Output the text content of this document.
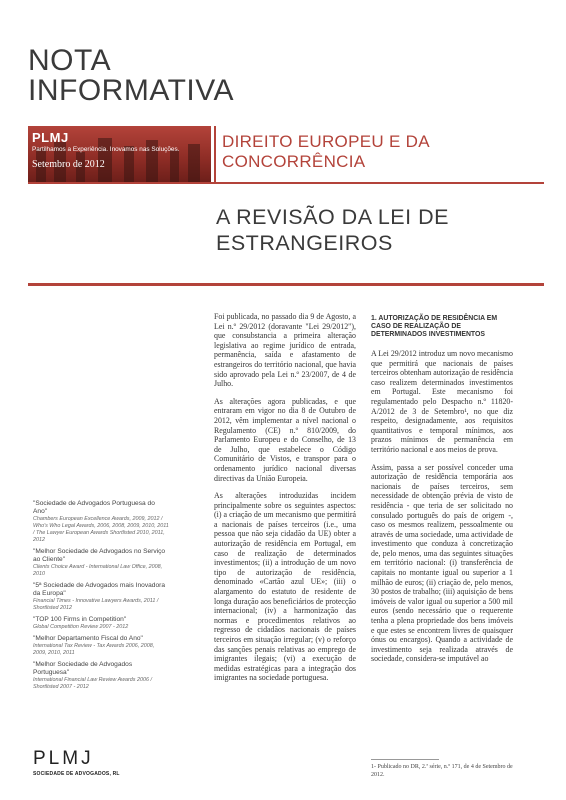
NOTA
INFORMATIVA
PLMJ
Partilhamos a Experiência. Inovamos nas Soluções.
Setembro de 2012
DIREITO EUROPEU E DA
CONCORRÊNCIA
A REVISÃO DA LEI DE
ESTRANGEIROS
"Sociedade de Advogados Portuguesa do Ano"
Chambers European Excellence Awards, 2009, 2012 / Who's Who Legal Awards, 2006, 2008, 2009, 2010, 2011 / The Lawyer European Awards Shortlisted 2010, 2011, 2012
"Melhor Sociedade de Advogados no Serviço ao Cliente"
Clients Choice Award - International Law Office, 2008, 2010
"5ª Sociedade de Advogados mais Inovadora da Europa"
Financial Times - Innovative Lawyers Awards, 2011 / Shortlisted 2012
"TOP 100 Firms in Competition"
Global Competition Review 2007 - 2012
"Melhor Departamento Fiscal do Ano"
International Tax Review - Tax Awards 2006, 2008, 2009, 2010, 2011
"Melhor Sociedade de Advogados Portuguesa"
International Financial Law Review Awards 2006 / Shortlisted 2007 - 2012
PLMJ
SOCIEDADE DE ADVOGADOS, RL

Foi publicada, no passado dia 9 de Agosto, a Lei n.º 29/2012 (doravante "Lei 29/2012"), que consubstancia a primeira alteração legislativa ao regime jurídico de entrada, permanência, saída e afastamento de estrangeiros do território nacional, que havia sido aprovado pela Lei n.º 23/2007, de 4 de Julho.

As alterações agora publicadas, e que entraram em vigor no dia 8 de Outubro de 2012, vêm implementar a nível nacional o Regulamento (CE) n.º 810/2009, do Parlamento Europeu e do Conselho, de 13 de Julho, que estabelece o Código Comunitário de Vistos, e transpor para o ordenamento jurídico nacional diversas directivas da União Europeia.

As alterações introduzidas incidem principalmente sobre os seguintes aspectos: (i) a criação de um mecanismo que permitirá a nacionais de países terceiros (i.e., uma pessoa que não seja cidadão da UE) obter a autorização de residência em Portugal, em caso de realização de determinados investimentos; (ii) a introdução de um novo tipo de autorização de residência, denominado «Cartão azul UE»; (iii) o alargamento do estatuto de residente de longa duração aos beneficiários de protecção internacional; (iv) a harmonização das normas e procedimentos relativos ao regresso de cidadãos nacionais de países terceiros em situação irregular; (v) o reforço das sanções penais relativas ao emprego de imigrantes ilegais; (vi) a execução de medidas estratégicas para a integração dos imigrantes na sociedade portuguesa.

1. AUTORIZAÇÃO DE RESIDÊNCIA EM CASO DE REALIZAÇÃO DE DETERMINADOS INVESTIMENTOS

A Lei 29/2012 introduz um novo mecanismo que permitirá que nacionais de países terceiros obtenham autorização de residência caso realizem determinados investimentos em Portugal. Este mecanismo foi regulamentado pelo Despacho n.º 11820-A/2012 de 3 de Setembro¹, no que diz respeito, designadamente, aos requisitos quantitativos e temporal mínimos, aos prazos mínimos de permanência em território nacional e aos meios de prova.

Assim, passa a ser possível conceder uma autorização de residência temporária aos nacionais de países terceiros, sem necessidade de obtenção prévia de visto de residência - que teria de ser solicitado no consulado português do país de origem -, caso os mesmos realizem, pessoalmente ou através de uma sociedade, uma actividade de investimento que conduza à concretização de, pelo menos, uma das seguintes situações em território nacional: (i) transferência de capitais no montante igual ou superior a 1 milhão de euros; (ii) criação de, pelo menos, 30 postos de trabalho; (iii) aquisição de bens imóveis de valor igual ou superior a 500 mil euros (sendo necessário que o requerente tenha a plena propriedade dos bens imóveis e que estes se encontrem livres de quaisquer ónus ou encargos). Quando a actividade de investimento seja realizada através de sociedade, considera-se imputável ao

1- Publicado no DR, 2.ª série, n.º 171, de 4 de Setembro de 2012.
